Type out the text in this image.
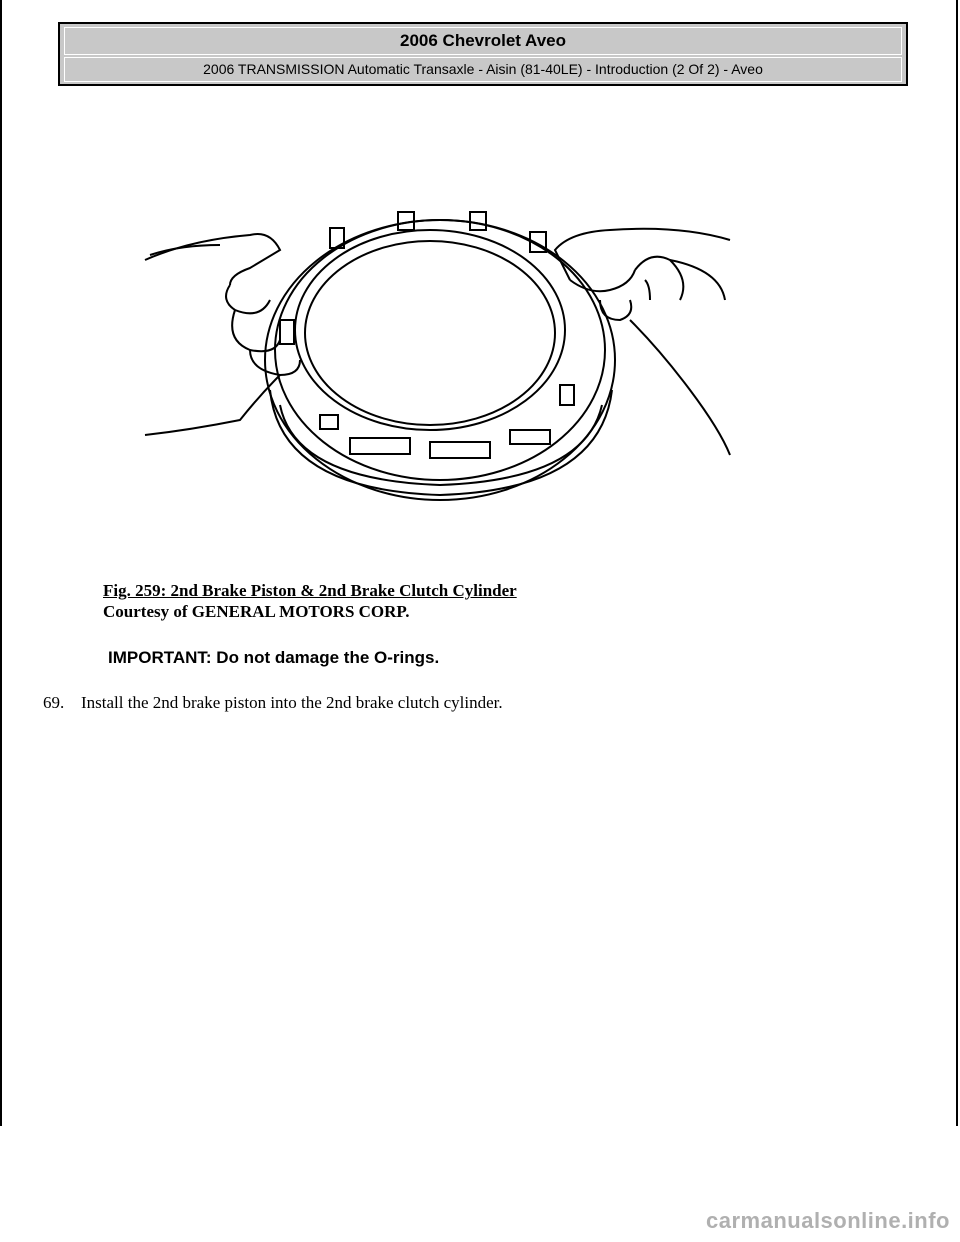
2006 Chevrolet Aveo
2006 TRANSMISSION Automatic Transaxle - Aisin (81-40LE) - Introduction (2 Of 2) - Aveo
Fig. 259: 2nd Brake Piston & 2nd Brake Clutch Cylinder
Courtesy of GENERAL MOTORS CORP.
IMPORTANT: Do not damage the O-rings.
69. Install the 2nd brake piston into the 2nd brake clutch cylinder.
carmanualsonline.info
